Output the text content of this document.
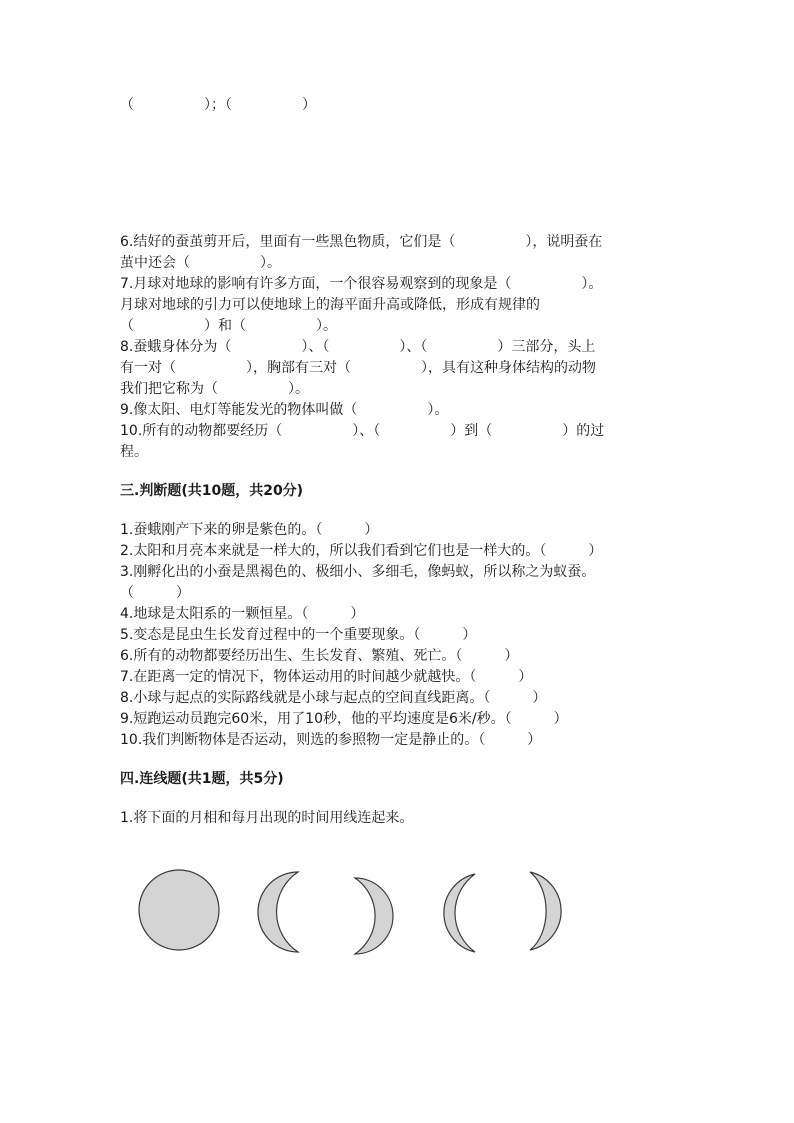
（　　　　　）；（　　　　　）
6.结好的蚕茧剪开后，里面有一些黑色物质，它们是（　　　　　），说明蚕在
茧中还会（　　　　　）。
7.月球对地球的影响有许多方面，一个很容易观察到的现象是（　　　　　）。
月球对地球的引力可以使地球上的海平面升高或降低，形成有规律的
（　　　　　）和（　　　　　）。
8.蚕蛾身体分为（　　　　　）、（　　　　　）、（　　　　　）三部分，头上
有一对（　　　　　），胸部有三对（　　　　　），具有这种身体结构的动物
我们把它称为（　　　　　）。
9.像太阳、电灯等能发光的物体叫做（　　　　　）。
10.所有的动物都要经历（　　　　　）、（　　　　　）到（　　　　　）的过
程。
三.判断题(共10题，共20分)
1.蚕蛾刚产下来的卵是紫色的。（　　　）
2.太阳和月亮本来就是一样大的，所以我们看到它们也是一样大的。（　　　）
3.刚孵化出的小蚕是黑褐色的、极细小、多细毛，像蚂蚁，所以称之为蚁蚕。
（　　　）
4.地球是太阳系的一颗恒星。（　　　）
5.变态是昆虫生长发育过程中的一个重要现象。（　　　）
6.所有的动物都要经历出生、生长发育、繁殖、死亡。（　　　）
7.在距离一定的情况下，物体运动用的时间越少就越快。（　　　）
8.小球与起点的实际路线就是小球与起点的空间直线距离。（　　　）
9.短跑运动员跑完60米，用了10秒，他的平均速度是6米/秒。（　　　）
10.我们判断物体是否运动，则选的参照物一定是静止的。（　　　）
四.连线题(共1题，共5分)
1.将下面的月相和每月出现的时间用线连起来。
